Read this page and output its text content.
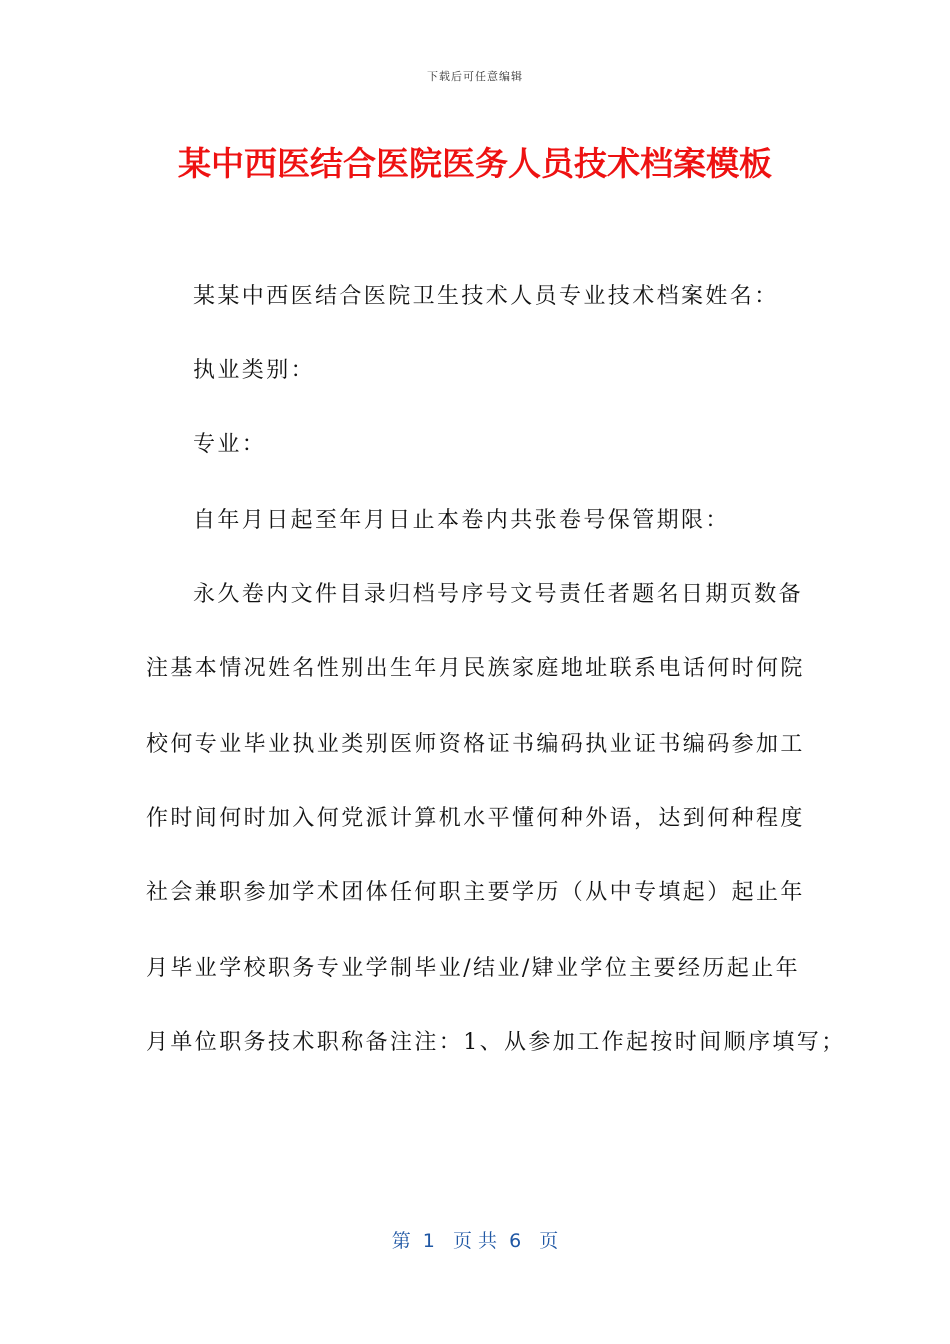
下载后可任意编辑
某中西医结合医院医务人员技术档案模板
某某中西医结合医院卫生技术人员专业技术档案姓名：
执业类别：
专业：
自年月日起至年月日止本卷内共张卷号保管期限：
永久卷内文件目录归档号序号文号责任者题名日期页数备
注基本情况姓名性别出生年月民族家庭地址联系电话何时何院
校何专业毕业执业类别医师资格证书编码执业证书编码参加工
作时间何时加入何党派计算机水平懂何种外语，达到何种程度
社会兼职参加学术团体任何职主要学历（从中专填起）起止年
月毕业学校职务专业学制毕业/结业/肄业学位主要经历起止年
月单位职务技术职称备注注：1、从参加工作起按时间顺序填写；
第  1   页 共  6   页
